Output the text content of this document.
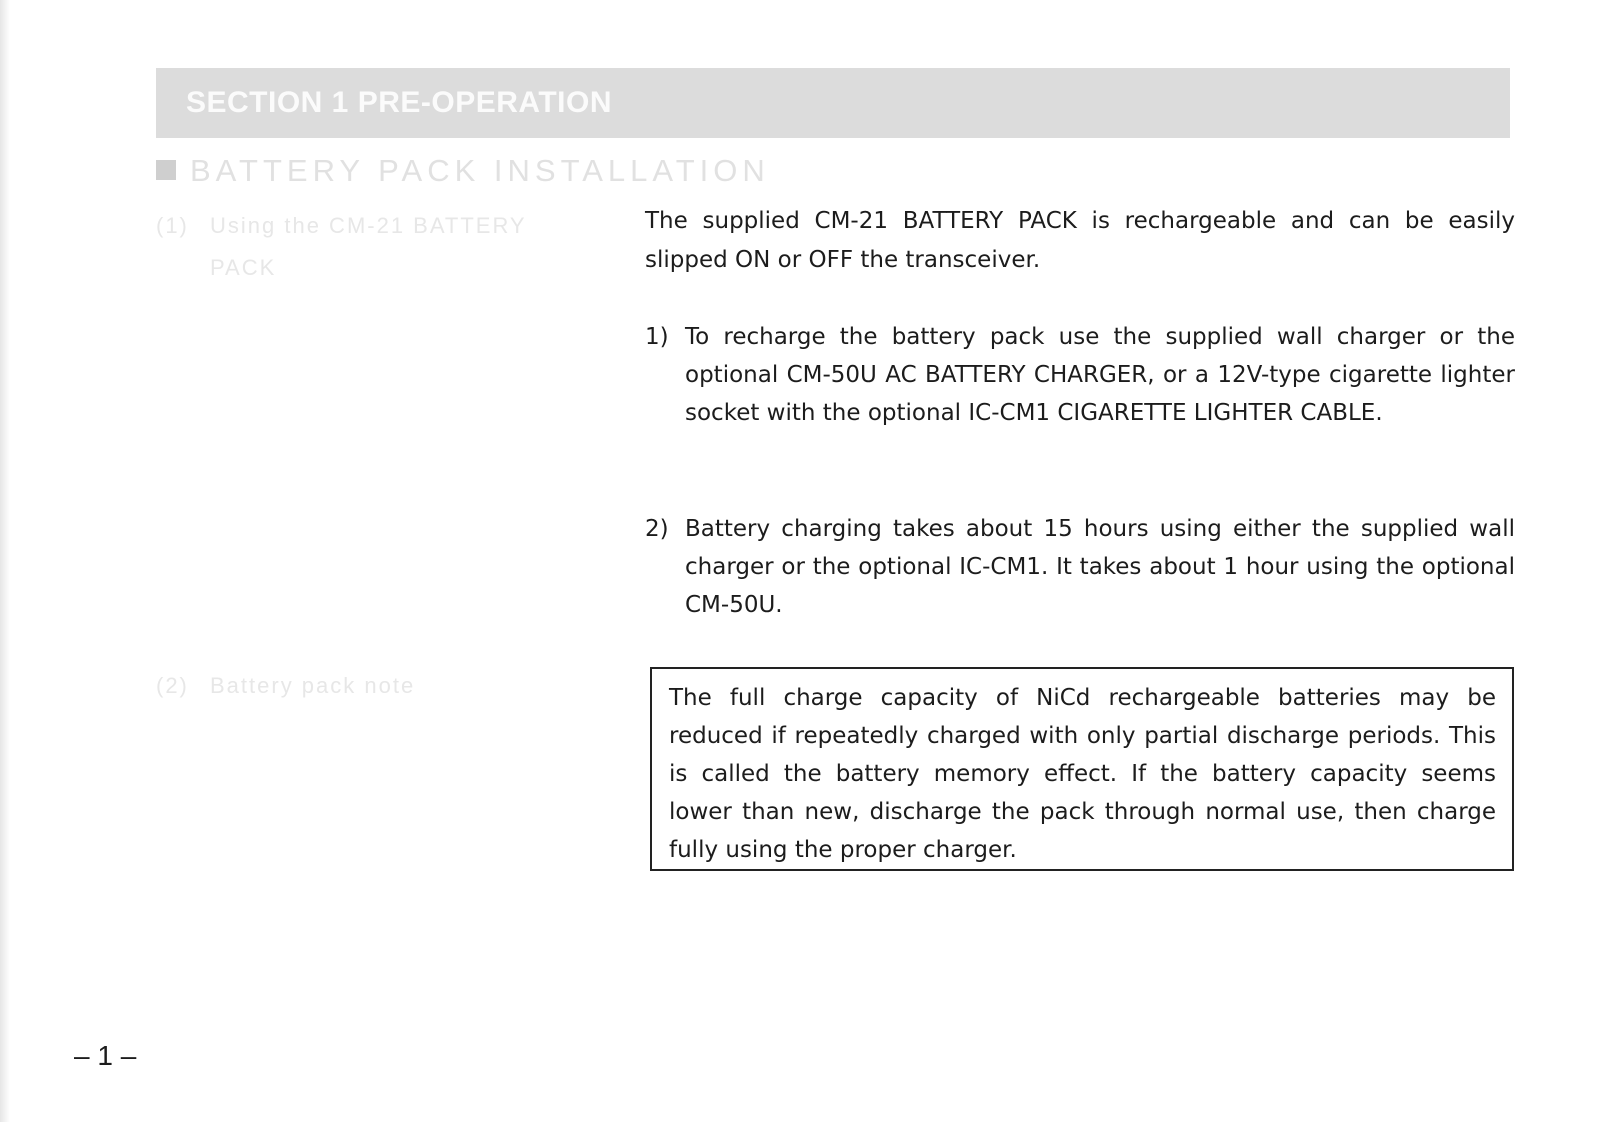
SECTION 1 PRE-OPERATION
BATTERY PACK INSTALLATION
(1) Using the CM-21 BATTERY
PACK
(2) Battery pack note

The supplied CM-21 BATTERY PACK is rechargeable and can be easily slipped ON or OFF the transceiver.

1) To recharge the battery pack use the supplied wall charger or the optional CM-50U AC BATTERY CHARGER, or a 12V-type cigarette lighter socket with the optional IC-CM1 CIGARETTE LIGHTER CABLE.
2) Battery charging takes about 15 hours using either the supplied wall charger or the optional IC-CM1. It takes about 1 hour using the optional CM-50U.
The full charge capacity of NiCd rechargeable batteries may be reduced if repeatedly charged with only partial discharge periods. This is called the battery memory effect. If the battery capacity seems lower than new, discharge the pack through normal use, then charge fully using the proper charger.
– 1 –
